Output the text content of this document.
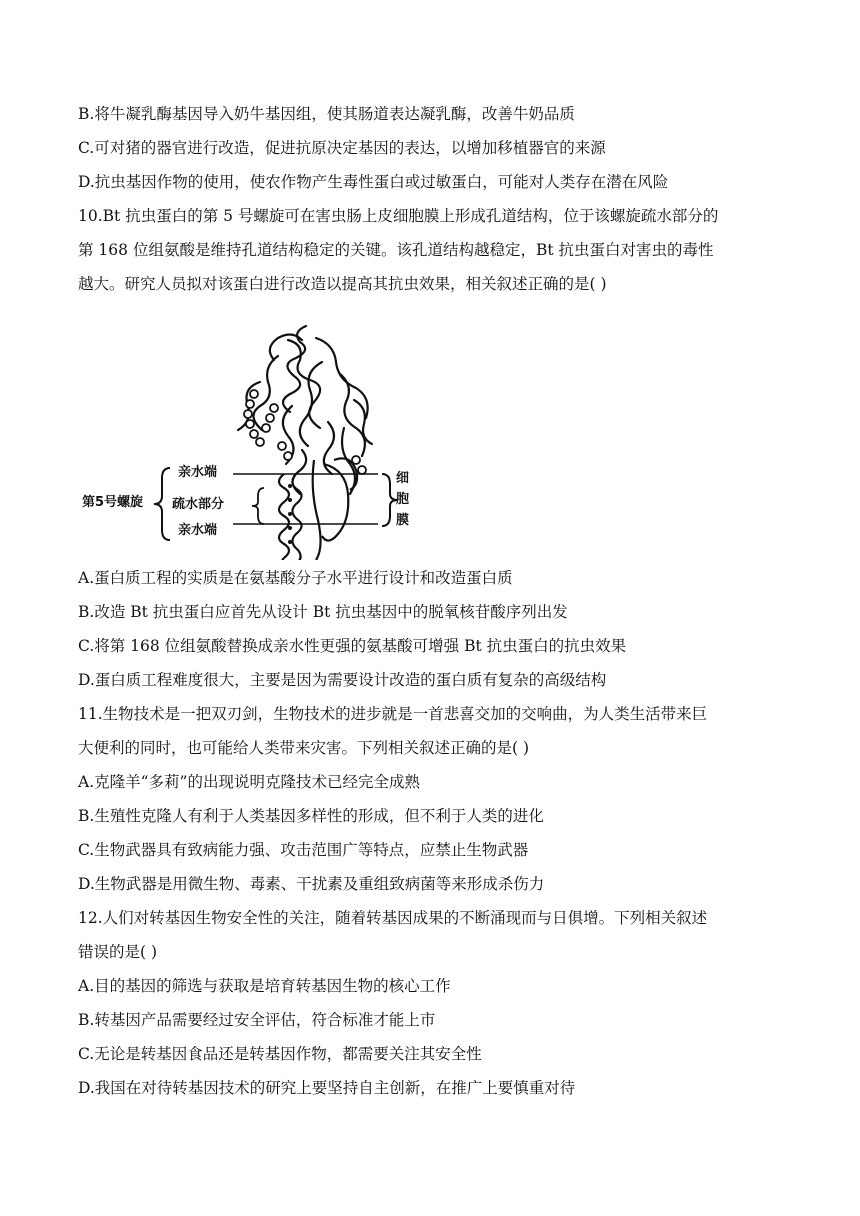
B.将牛凝乳酶基因导入奶牛基因组，使其肠道表达凝乳酶，改善牛奶品质
C.可对猪的器官进行改造，促进抗原决定基因的表达，以增加移植器官的来源
D.抗虫基因作物的使用，使农作物产生毒性蛋白或过敏蛋白，可能对人类存在潜在风险
10.Bt 抗虫蛋白的第 5 号螺旋可在害虫肠上皮细胞膜上形成孔道结构，位于该螺旋疏水部分的
第 168 位组氨酸是维持孔道结构稳定的关键。该孔道结构越稳定，Bt 抗虫蛋白对害虫的毒性
越大。研究人员拟对该蛋白进行改造以提高其抗虫效果，相关叙述正确的是( )
第5号螺旋
亲水端
疏水部分
亲水端
细
胞
膜
A.蛋白质工程的实质是在氨基酸分子水平进行设计和改造蛋白质
B.改造 Bt 抗虫蛋白应首先从设计 Bt 抗虫基因中的脱氧核苷酸序列出发
C.将第 168 位组氨酸替换成亲水性更强的氨基酸可增强 Bt 抗虫蛋白的抗虫效果
D.蛋白质工程难度很大，主要是因为需要设计改造的蛋白质有复杂的高级结构
11.生物技术是一把双刃剑，生物技术的进步就是一首悲喜交加的交响曲，为人类生活带来巨
大便利的同时，也可能给人类带来灾害。下列相关叙述正确的是( )
A.克隆羊“多莉”的出现说明克隆技术已经完全成熟
B.生殖性克隆人有利于人类基因多样性的形成，但不利于人类的进化
C.生物武器具有致病能力强、攻击范围广等特点，应禁止生物武器
D.生物武器是用微生物、毒素、干扰素及重组致病菌等来形成杀伤力
12.人们对转基因生物安全性的关注，随着转基因成果的不断涌现而与日俱增。下列相关叙述
错误的是( )
A.目的基因的筛选与获取是培育转基因生物的核心工作
B.转基因产品需要经过安全评估，符合标准才能上市
C.无论是转基因食品还是转基因作物，都需要关注其安全性
D.我国在对待转基因技术的研究上要坚持自主创新，在推广上要慎重对待
